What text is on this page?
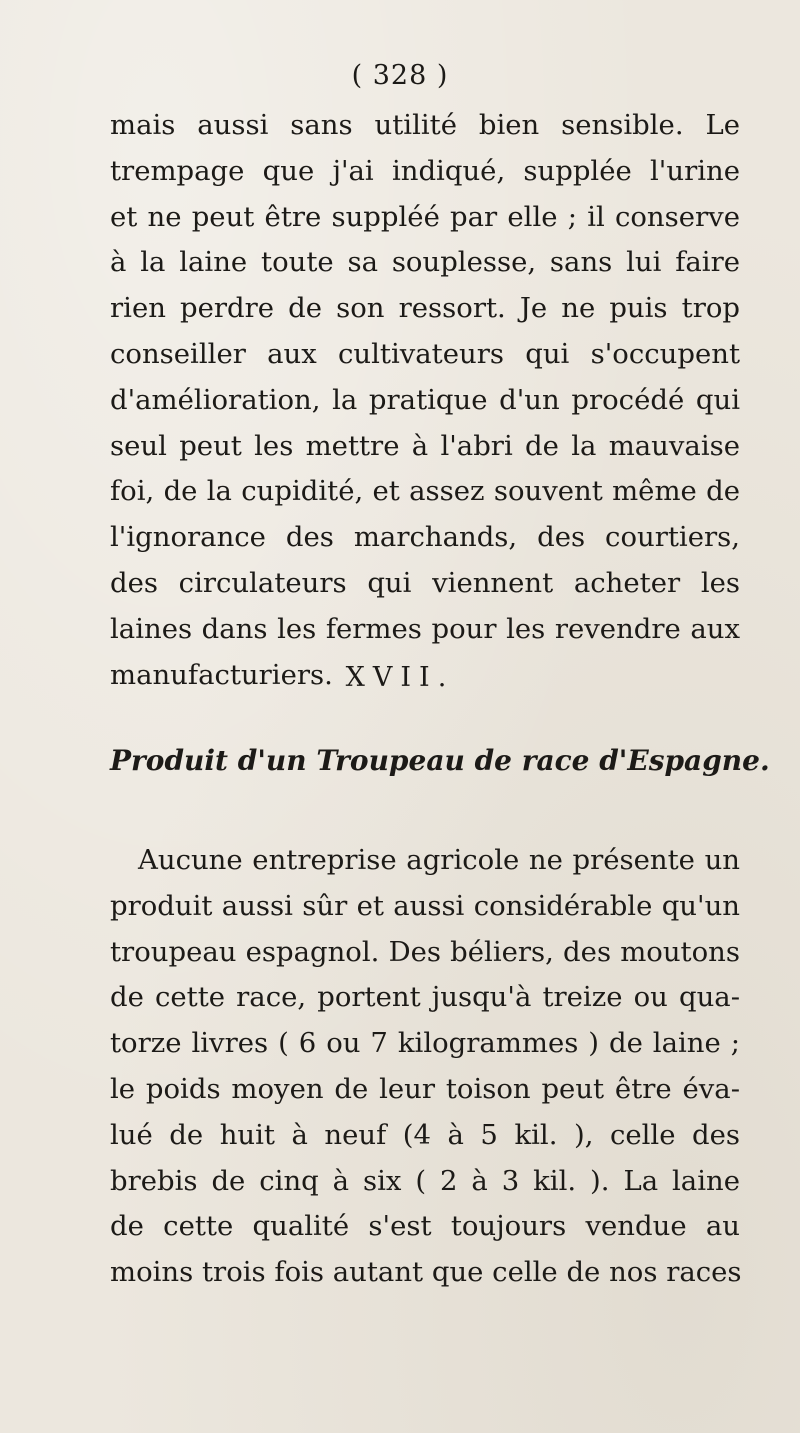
( 328 )
mais aussi sans utilité bien sensible. Le
trempage que j'ai indiqué, supplée l'urine
et ne peut être suppléé par elle ; il conserve
à la laine toute sa souplesse, sans lui faire
rien perdre de son ressort. Je ne puis trop
conseiller aux cultivateurs qui s'occupent
d'amélioration, la pratique d'un procédé qui
seul peut les mettre à l'abri de la mauvaise
foi, de la cupidité, et assez souvent même de
l'ignorance des marchands, des courtiers,
des circulateurs qui viennent acheter les
laines dans les fermes pour les revendre aux
manufacturiers. XVII.
Produit d'un Troupeau de race d'Espagne.
Aucune entreprise agricole ne présente un
produit aussi sûr et aussi considérable qu'un
troupeau espagnol. Des béliers, des moutons
de cette race, portent jusqu'à treize ou qua-
torze livres ( 6 ou 7 kilogrammes ) de laine ;
le poids moyen de leur toison peut être éva-
lué de huit à neuf (4 à 5 kil. ), celle des
brebis de cinq à six ( 2 à 3 kil. ). La laine
de cette qualité s'est toujours vendue au
moins trois fois autant que celle de nos races
